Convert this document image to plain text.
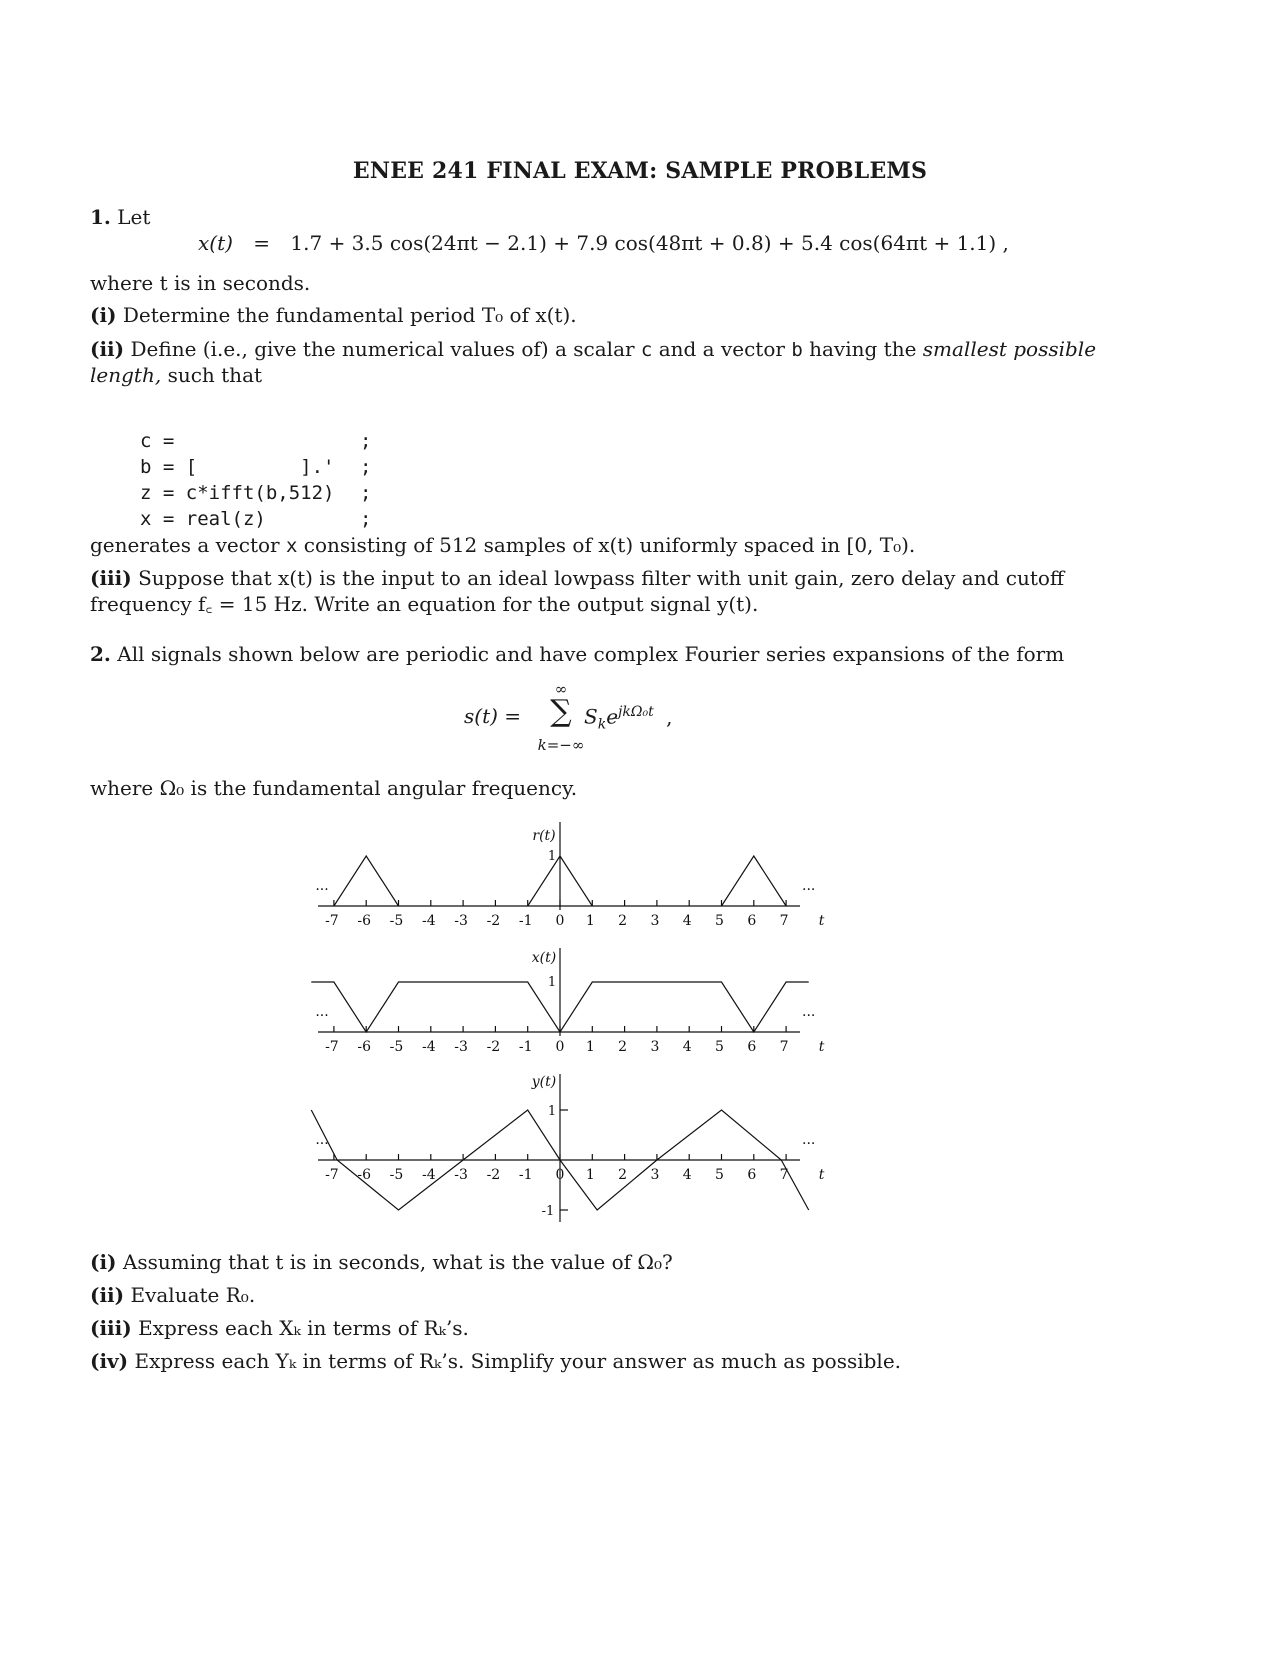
ENEE 241 FINAL EXAM: SAMPLE PROBLEMS
1. Let
x(t) = 1.7 + 3.5 cos(24πt − 2.1) + 7.9 cos(48πt + 0.8) + 5.4 cos(64πt + 1.1) ,
where t is in seconds.
(i) Determine the fundamental period T₀ of x(t).
(ii) Define (i.e., give the numerical values of) a scalar c and a vector b having the smallest possible
length, such that
c =	;
b = [         ].' ;
z = c*ifft(b,512) ;
x = real(z)	;
generates a vector x consisting of 512 samples of x(t) uniformly spaced in [0, T₀).
(iii) Suppose that x(t) is the input to an ideal lowpass filter with unit gain, zero delay and cutoff
frequency f꜀ = 15 Hz. Write an equation for the output signal y(t).
2. All signals shown below are periodic and have complex Fourier series expansions of the form
s(t) =
∞
∑
k=−∞
$S_ke^{jk\Omega_0t}$ ,
where Ω₀ is the fundamental angular frequency.
-7 -6 -5 -4 -3 -2 -1 0 1 2 3 4 5 6 7 t
...	...
r(t)
1
-7 -6 -5 -4 -3 -2 -1 0 1 2 3 4 5 6 7 t
...	...
x(t)
1
-7 -6 -5 -4 -3 -2 -1 0 1 2 3 4 5 6 7 t
...	...
y(t)
1
-1
(i) Assuming that t is in seconds, what is the value of Ω₀?
(ii) Evaluate R₀.
(iii) Express each Xₖ in terms of Rₖ’s.
(iv) Express each Yₖ in terms of Rₖ’s. Simplify your answer as much as possible.
